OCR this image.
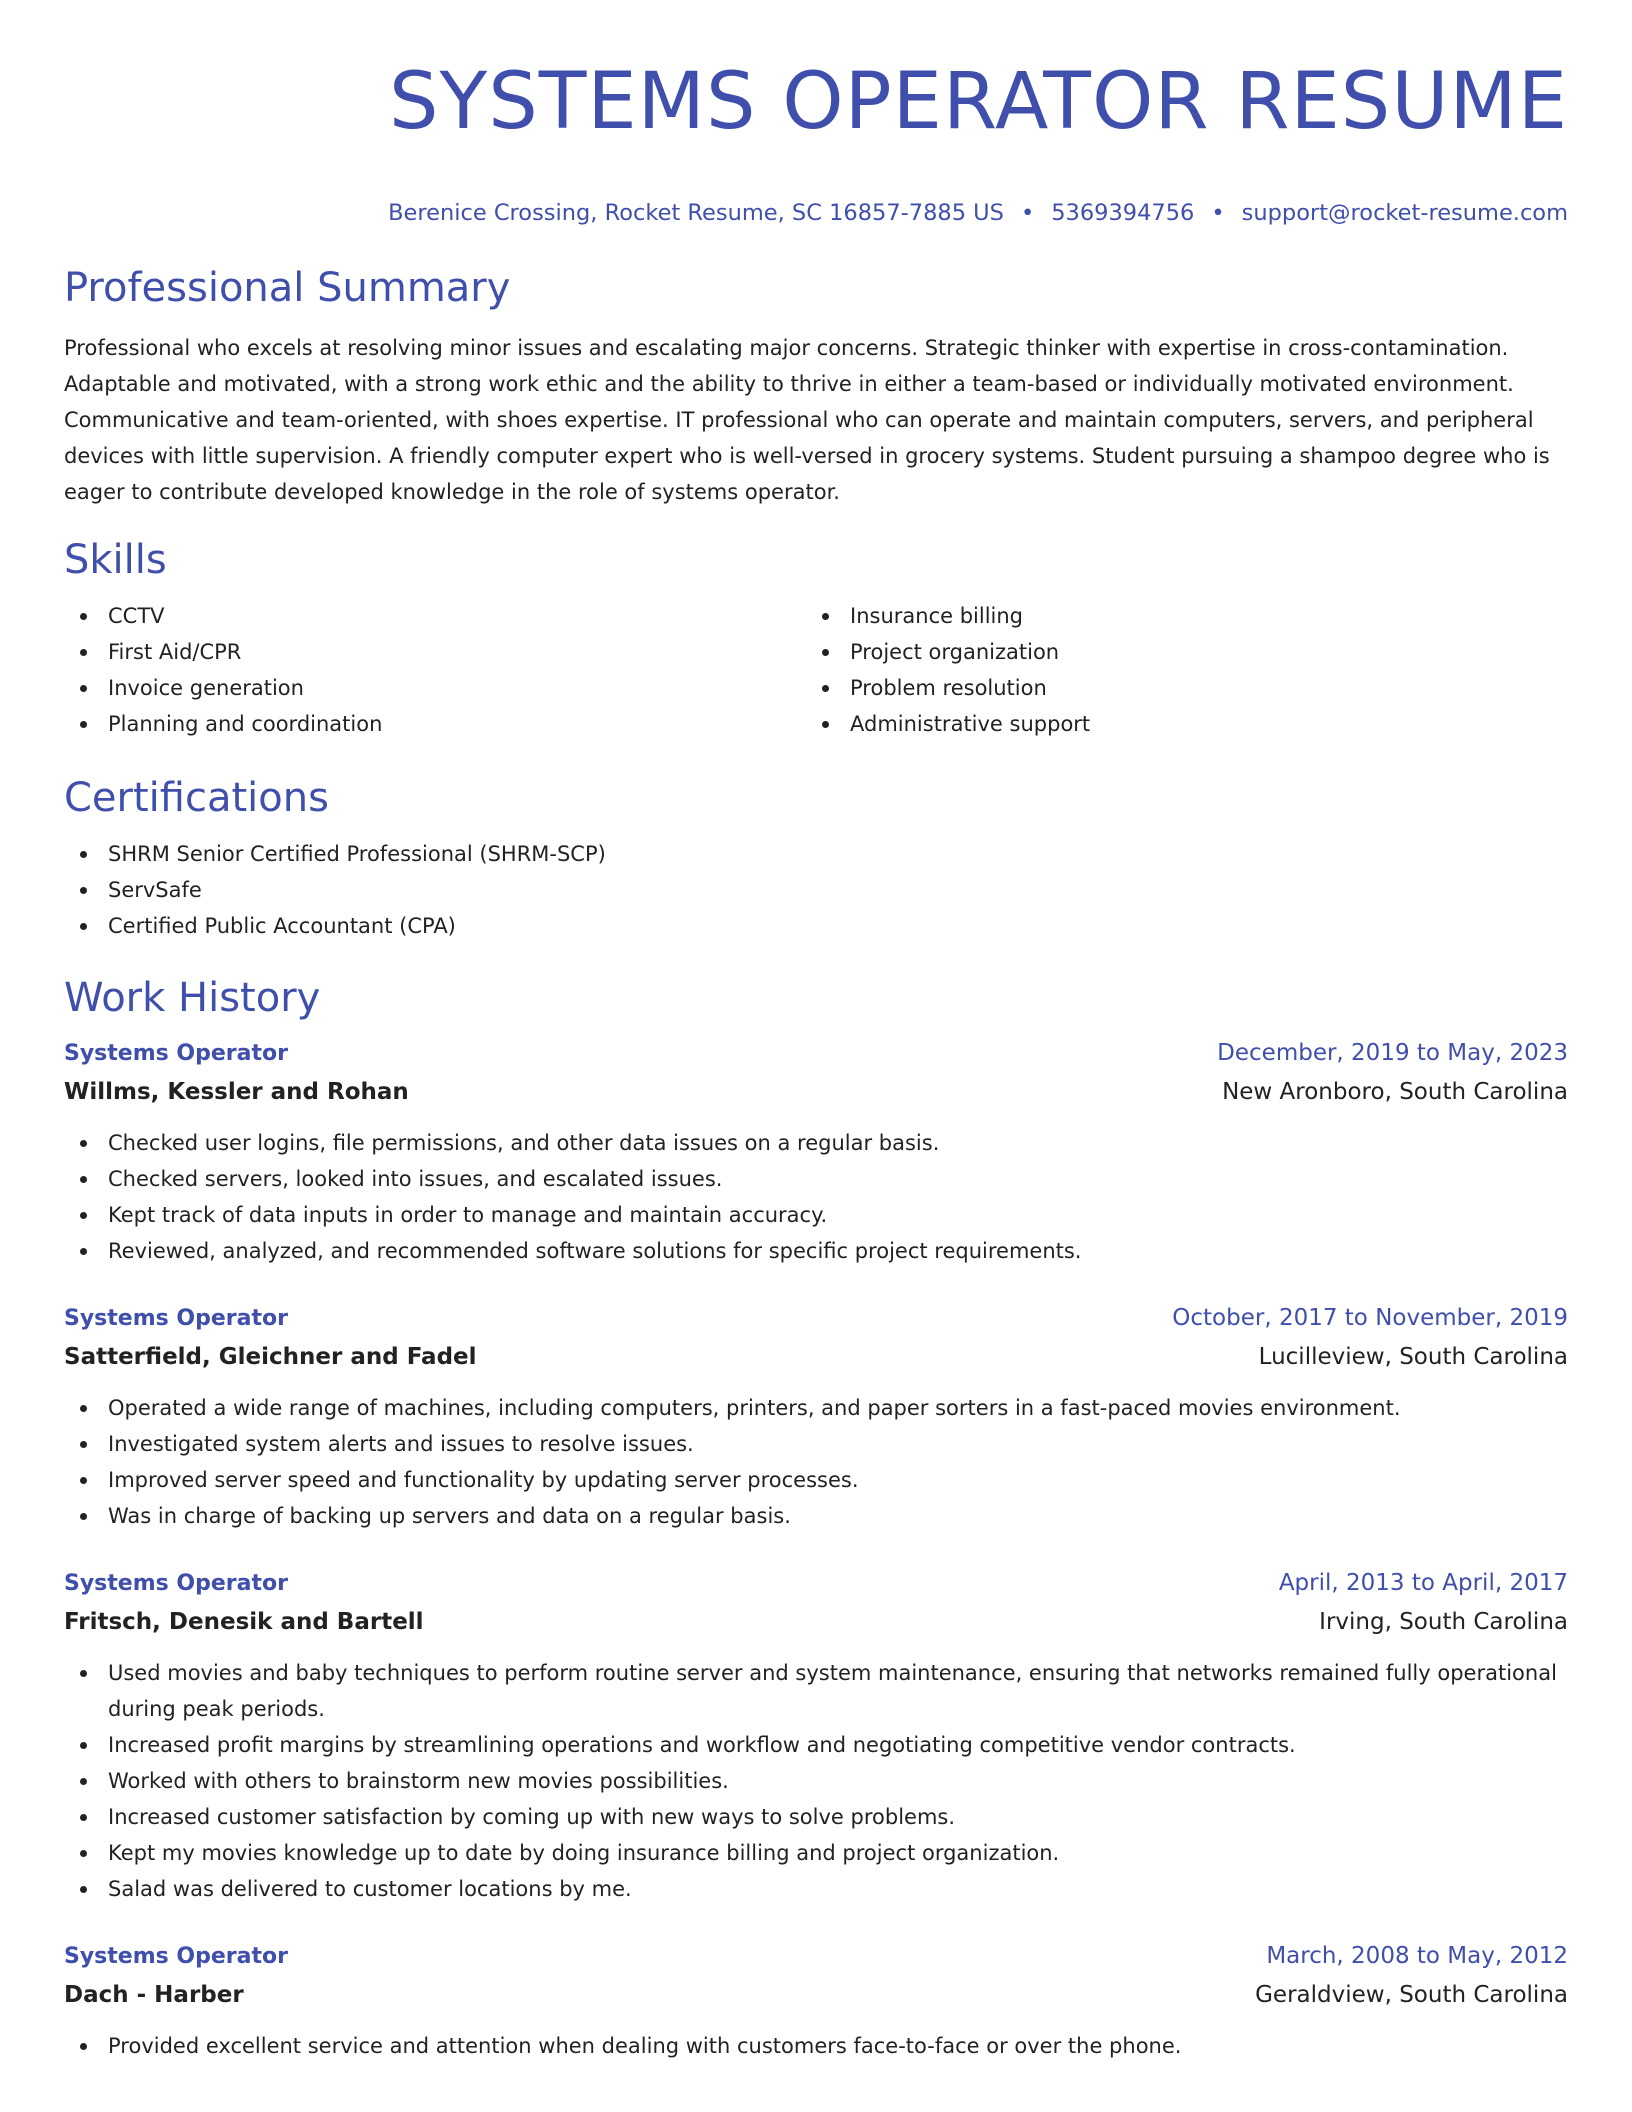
SYSTEMS OPERATOR RESUME
Berenice Crossing, Rocket Resume, SC 16857-7885 US • 5369394756 • support@rocket-resume.com
Professional Summary

Professional who excels at resolving minor issues and escalating major concerns. Strategic thinker with expertise in cross-contamination. Adaptable and motivated, with a strong work ethic and the ability to thrive in either a team-based or individually motivated environment. Communicative and team-oriented, with shoes expertise. IT professional who can operate and maintain computers, servers, and peripheral devices with little supervision. A friendly computer expert who is well-versed in grocery systems. Student pursuing a shampoo degree who is eager to contribute developed knowledge in the role of systems operator.

Skills
CCTV
First Aid/CPR
Invoice generation
Planning and coordination
Insurance billing
Project organization
Problem resolution
Administrative support
Certifications
SHRM Senior Certified Professional (SHRM-SCP)
ServSafe
Certified Public Accountant (CPA)
Work History
Systems Operator	December, 2019 to May, 2023
Willms, Kessler and Rohan	New Aronboro, South Carolina
Checked user logins, file permissions, and other data issues on a regular basis.
Checked servers, looked into issues, and escalated issues.
Kept track of data inputs in order to manage and maintain accuracy.
Reviewed, analyzed, and recommended software solutions for specific project requirements.
Systems Operator	October, 2017 to November, 2019
Satterfield, Gleichner and Fadel	Lucilleview, South Carolina
Operated a wide range of machines, including computers, printers, and paper sorters in a fast-paced movies environment.
Investigated system alerts and issues to resolve issues.
Improved server speed and functionality by updating server processes.
Was in charge of backing up servers and data on a regular basis.
Systems Operator	April, 2013 to April, 2017
Fritsch, Denesik and Bartell	Irving, South Carolina
Used movies and baby techniques to perform routine server and system maintenance, ensuring that networks remained fully operational during peak periods.
Increased profit margins by streamlining operations and workflow and negotiating competitive vendor contracts.
Worked with others to brainstorm new movies possibilities.
Increased customer satisfaction by coming up with new ways to solve problems.
Kept my movies knowledge up to date by doing insurance billing and project organization.
Salad was delivered to customer locations by me.
Systems Operator	March, 2008 to May, 2012
Dach - Harber	Geraldview, South Carolina
Provided excellent service and attention when dealing with customers face-to-face or over the phone.
